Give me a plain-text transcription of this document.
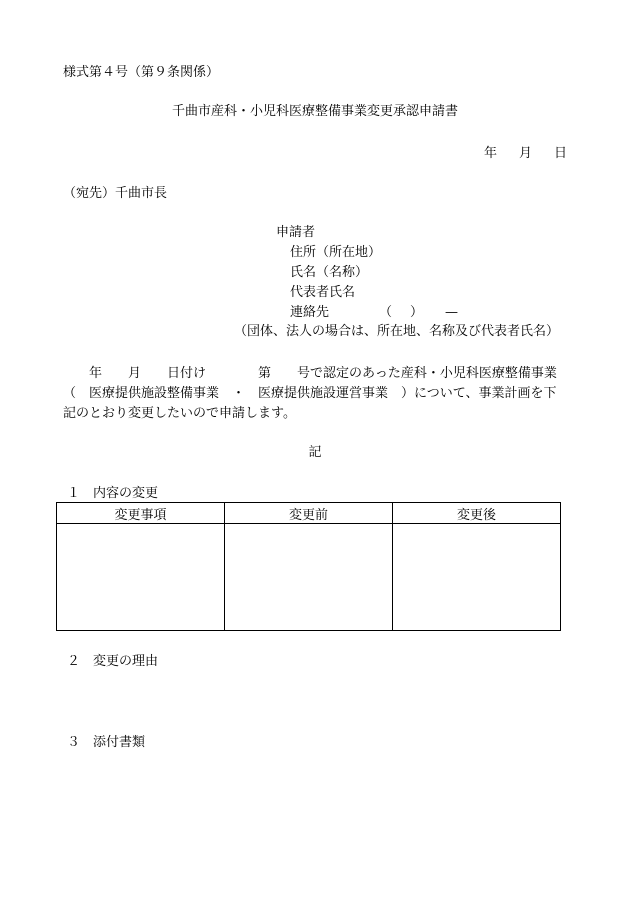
様式第４号（第９条関係）
千曲市産科・小児科医療整備事業変更承認申請書
年 月 日
（宛先）千曲市長
申請者
住所（所在地）
氏名（名称）
代表者氏名
連絡先	（ ） —
（団体、法人の場合は、所在地、名称及び代表者氏名）

年　　月　　日付け　　　　第　　号で認定のあった産科・小児科医療整備事業

（　医療提供施設整備事業　・　医療提供施設運営事業　）について、事業計画を下

記のとおり変更したいので申請します。

記
１　内容の変更
変更事項	変更前	変更後

２　変更の理由
３　添付書類
